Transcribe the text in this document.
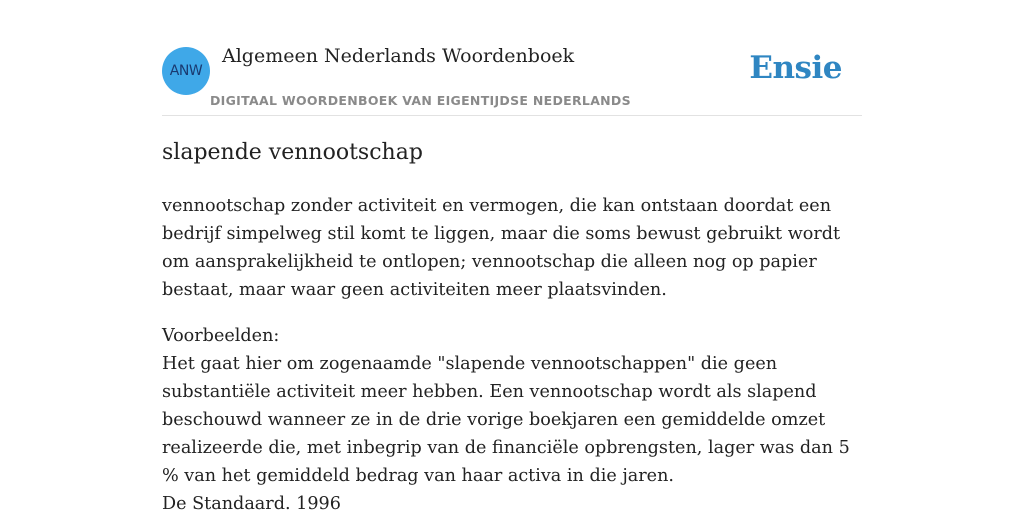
ANW
Algemeen Nederlands Woordenboek
DIGITAAL WOORDENBOEK VAN EIGENTIJDSE NEDERLANDS
Ensie
slapende vennootschap
vennootschap zonder activiteit en vermogen, die kan ontstaan doordat een bedrijf simpelweg stil komt te liggen, maar die soms bewust gebruikt wordt om aansprakelijkheid te ontlopen; vennootschap die alleen nog op papier bestaat, maar waar geen activiteiten meer plaatsvinden.
Voorbeelden:
Het gaat hier om zogenaamde "slapende vennootschappen" die geen substantiële activiteit meer hebben. Een vennootschap wordt als slapend beschouwd wanneer ze in de drie vorige boekjaren een gemiddelde omzet realizeerde die, met inbegrip van de financiële opbrengsten, lager was dan 5 % van het gemiddeld bedrag van haar activa in die jaren.
De Standaard. 1996
